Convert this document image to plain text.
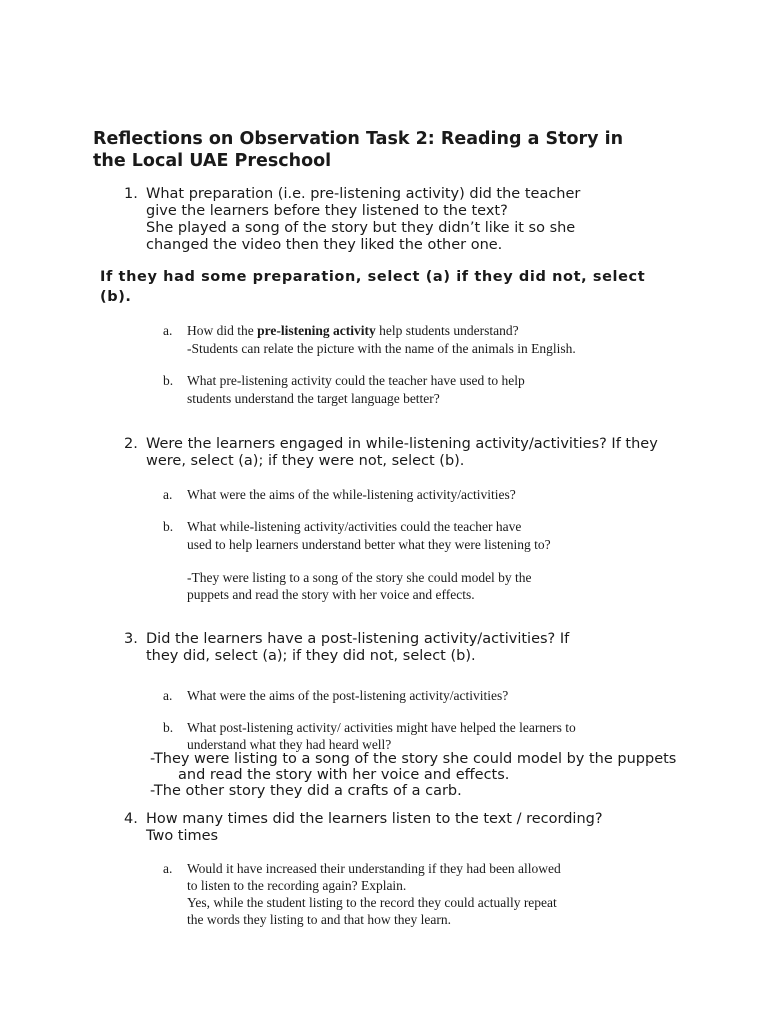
Reflections on Observation Task 2: Reading a Story in
the Local UAE Preschool
1. What preparation (i.e. pre-listening activity) did the teacher
give the learners before they listened to the text?
She played a song of the story but they didn’t like it so she
changed the video then they liked the other one.
If they had some preparation, select (a) if they did not, select
(b).
a. How did the pre-listening activity help students understand?
-Students can relate the picture with the name of the animals in English.
b. What pre-listening activity could the teacher have used to help
students understand the target language better?
2. Were the learners engaged in while-listening activity/activities? If they
were, select (a); if they were not, select (b).
a. What were the aims of the while-listening activity/activities?
b. What while-listening activity/activities could the teacher have
used to help learners understand better what they were listening to?
-They were listing to a song of the story she could model by the
puppets and read the story with her voice and effects.
3. Did the learners have a post-listening activity/activities? If
they did, select (a); if they did not, select (b).
a. What were the aims of the post-listening activity/activities?
b. What post-listening activity/ activities might have helped the learners to
understand what they had heard well?
-They were listing to a song of the story she could model by the puppets
and read the story with her voice and effects.
-The other story they did a crafts of a carb.
4. How many times did the learners listen to the text / recording?
Two times
a. Would it have increased their understanding if they had been allowed
to listen to the recording again? Explain.
Yes, while the student listing to the record they could actually repeat
the words they listing to and that how they learn.
